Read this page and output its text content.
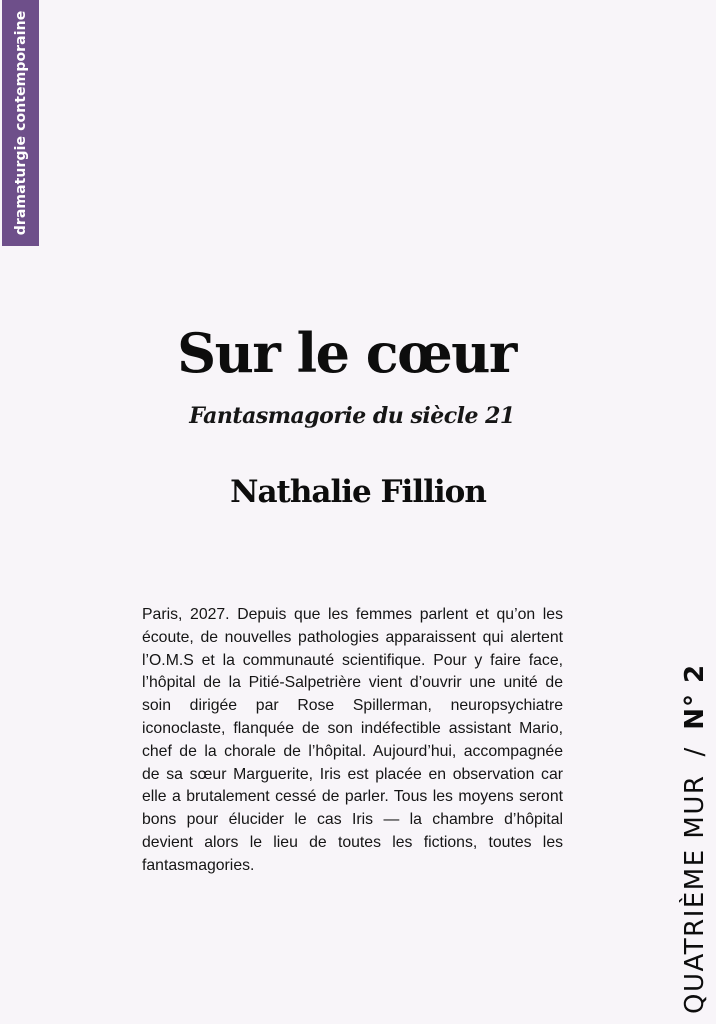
dramaturgie contemporaine
Sur le cœur
Fantasmagorie du siècle 21
Nathalie Fillion

Paris, 2027. Depuis que les femmes parlent et qu’on les écoute, de nouvelles pathologies apparaissent qui alertent l’O.M.S et la communauté scientifique. Pour y faire face, l’hôpital de la Pitié-Salpetrière vient d’ouvrir une unité de soin dirigée par Rose Spillerman, neuropsychiatre iconoclaste, flanquée de son indéfectible assistant Mario, chef de la chorale de l’hôpital. Aujourd’hui, accompagnée de sa sœur Marguerite, Iris est placée en observation car elle a brutalement cessé de parler. Tous les moyens seront bons pour élucider le cas Iris — la chambre d’hôpital devient alors le lieu de toutes les fictions, toutes les fantasmagories.	QUATRIÈME MUR/N° 2
